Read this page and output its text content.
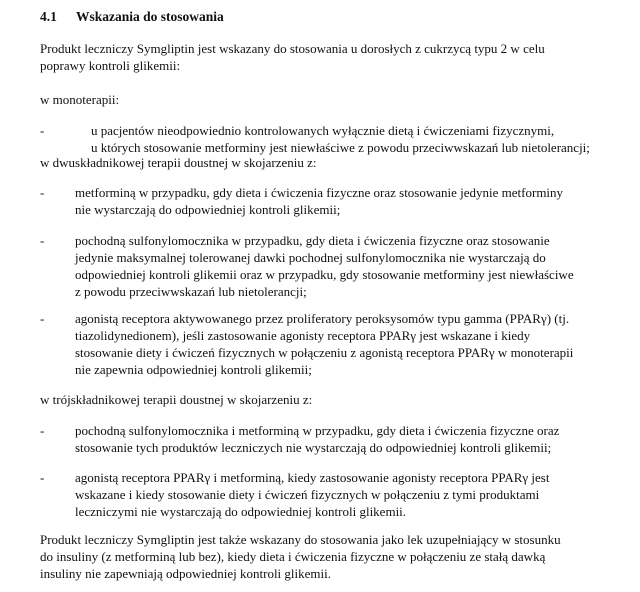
4.1 Wskazania do stosowania
Produkt leczniczy Symgliptin jest wskazany do stosowania u dorosłych z cukrzycą typu 2 w celu
poprawy kontroli glikemii:
w monoterapii:
-	u pacjentów nieodpowiednio kontrolowanych wyłącznie dietą i ćwiczeniami fizycznymi,
u których stosowanie metforminy jest niewłaściwe z powodu przeciwwskazań lub nietolerancji;
w dwuskładnikowej terapii doustnej w skojarzeniu z:
- metforminą w przypadku, gdy dieta i ćwiczenia fizyczne oraz stosowanie jedynie metforminy
nie wystarczają do odpowiedniej kontroli glikemii;
- pochodną sulfonylomocznika w przypadku, gdy dieta i ćwiczenia fizyczne oraz stosowanie
jedynie maksymalnej tolerowanej dawki pochodnej sulfonylomocznika nie wystarczają do
odpowiedniej kontroli glikemii oraz w przypadku, gdy stosowanie metforminy jest niewłaściwe
z powodu przeciwwskazań lub nietolerancji;
- agonistą receptora aktywowanego przez proliferatory peroksysomów typu gamma (PPARγ) (tj.
tiazolidynedionem), jeśli zastosowanie agonisty receptora PPARγ jest wskazane i kiedy
stosowanie diety i ćwiczeń fizycznych w połączeniu z agonistą receptora PPARγ w monoterapii
nie zapewnia odpowiedniej kontroli glikemii;
w trójskładnikowej terapii doustnej w skojarzeniu z:
- pochodną sulfonylomocznika i metforminą w przypadku, gdy dieta i ćwiczenia fizyczne oraz
stosowanie tych produktów leczniczych nie wystarczają do odpowiedniej kontroli glikemii;
- agonistą receptora PPARγ i metforminą, kiedy zastosowanie agonisty receptora PPARγ jest
wskazane i kiedy stosowanie diety i ćwiczeń fizycznych w połączeniu z tymi produktami
leczniczymi nie wystarczają do odpowiedniej kontroli glikemii.
Produkt leczniczy Symgliptin jest także wskazany do stosowania jako lek uzupełniający w stosunku
do insuliny (z metforminą lub bez), kiedy dieta i ćwiczenia fizyczne w połączeniu ze stałą dawką
insuliny nie zapewniają odpowiedniej kontroli glikemii.
